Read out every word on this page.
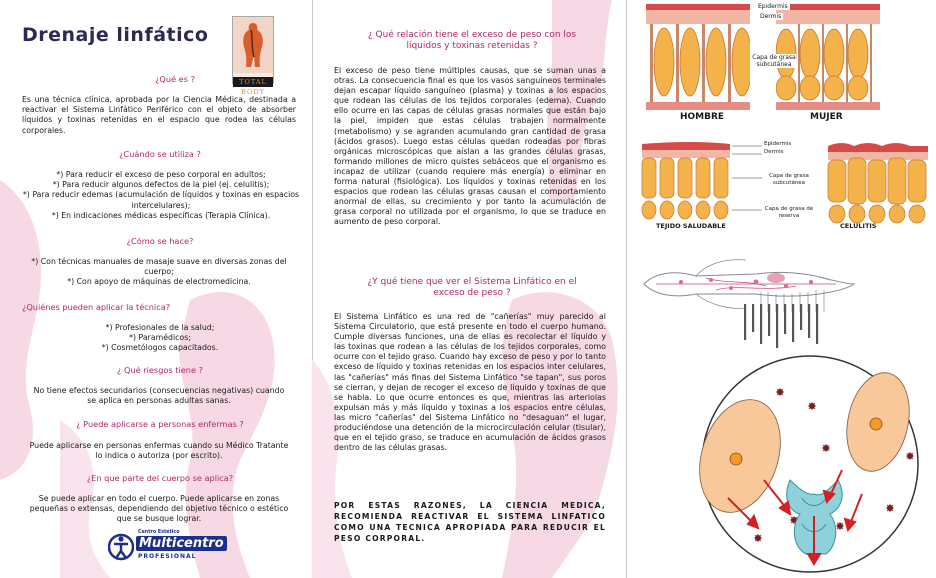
Drenaje linfático
TOTAL BODY

¿Qué es ?

Es una técnica clínica, aprobada por la Ciencia Médica, destinada a reactivar el Sistema Linfático Periférico con el objeto de absorber líquidos y toxinas retenidas en el espacio que rodea las células corporales.

¿Cuándo se utiliza ?

*) Para reducir el exceso de peso corporal en adultos;
*) Para reducir algunos defectos de la piel (ej. celulitis);
*) Para reducir edemas (acumulación de líquidos y toxinas en espacios intercelulares);
*) En indicaciones médicas específicas (Terapia Clínica).

¿Cómo se hace?

*) Con técnicas manuales de masaje suave en diversas zonas del cuerpo;
*) Con apoyo de máquinas de electromedicina.

¿Quiénes pueden aplicar la técnica?

*) Profesionales de la salud;
*) Paramédicos;
*) Cosmetólogos capacitados.

¿ Qué riesgos tiene ?

No tiene efectos secundarios (consecuencias negativas) cuando se aplica en personas adultas sanas.

¿ Puede aplicarse a personas enfermas ?

Puede aplicarse en personas enfermas cuando su Médico Tratante lo indica o autoriza (por escrito).

¿En que parte del cuerpo se aplica?

Se puede aplicar en todo el cuerpo. Puede aplicarse en zonas pequeñas o extensas, dependiendo del objetivo técnico o estético que se busque lograr.

Centro Estético
Multicentro
PROFESIONAL

¿ Qué relación tiene el exceso de peso con los líquidos y toxinas retenidas ?

El exceso de peso tiene múltiples causas, que se suman unas a otras. La consecuencia final es que los vasos sanguíneos terminales dejan escapar líquido sanguíneo (plasma) y toxinas a los espacios que rodean las células de los tejidos corporales (edema). Cuando ello ocurre en las capas de células grasas normales que están bajo la piel, impiden que estas células trabajen normalmente (metabolismo) y se agranden acumulando gran cantidad de grasa (ácidos grasos). Luego estas células quedan rodeadas por fibras orgánicas microscópicas que aíslan a las grandes células grasas, formando millones de micro quistes sebáceos que el organismo es incapaz de utilizar (cuando requiere más energía) o eliminar en forma natural (fisiológica). Los líquidos y toxinas retenidas en los espacios que rodean las células grasas causan el comportamiento anormal de ellas, su crecimiento y por tanto la acumulación de grasa corporal no utilizada por el organismo, lo que se traduce en aumento de peso corporal.

¿Y qué tiene que ver el Sistema Linfático en el exceso de peso ?

El Sistema Linfático es una red de "cañerías" muy parecido al Sistema Circulatorio, que está presente en todo el cuerpo humano. Cumple diversas funciones, una de ellas es recolectar el líquido y las toxinas que rodean a las células de los tejidos corporales, como ocurre con el tejido graso. Cuando hay exceso de peso y por lo tanto exceso de líquido y toxinas retenidas en los espacios inter celulares, las "cañerías" más finas del Sistema Linfático "se tapan", sus poros se cierran, y dejan de recoger el exceso de líquido y toxinas de que se habla. Lo que ocurre entonces es que, mientras las arteriolas expulsan más y más líquido y toxinas a los espacios entre células, las micro "cañerías" del Sistema Linfático no "desaguan" el lugar, produciéndose una detención de la microcirculación celular (tisular), que en el tejido graso, se traduce en acumulación de ácidos grasos dentro de las células grasas.

POR ESTAS RAZONES, LA CIENCIA MEDICA, RECOMIENDA REACTIVAR EL SISTEMA LINFATICO COMO UNA TECNICA APROPIADA PARA REDUCIR EL PESO CORPORAL.

Epidermis
Dermis
Capa de grasa subcutánea
HOMBRE	MUJER
Epidermis
Dermis
Capa de grasa subcutánea
Capa de grasa de reserva
TEJIDO SALUDABLE	CELULITIS
